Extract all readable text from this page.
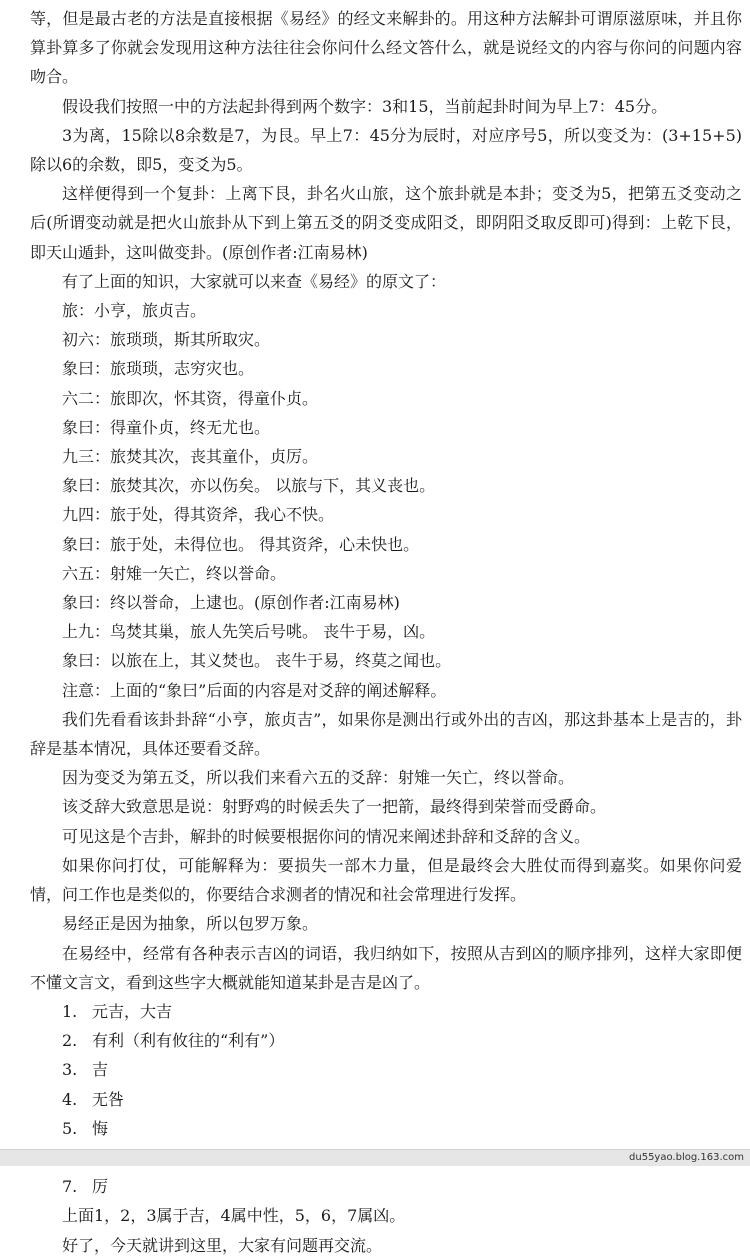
等，但是最古老的方法是直接根据《易经》的经文来解卦的。用这种方法解卦可谓原滋原味，并且你算卦算多了你就会发现用这种方法往往会你问什么经文答什么，就是说经文的内容与你问的问题内容吻合。

假设我们按照一中的方法起卦得到两个数字：3和15，当前起卦时间为早上7：45分。

3为离，15除以8余数是7，为艮。早上7：45分为辰时，对应序号5，所以变爻为：(3+15+5)除以6的余数，即5，变爻为5。

这样便得到一个复卦：上离下艮，卦名火山旅，这个旅卦就是本卦；变爻为5，把第五爻变动之后(所谓变动就是把火山旅卦从下到上第五爻的阴爻变成阳爻，即阴阳爻取反即可)得到：上乾下艮，即天山遁卦，这叫做变卦。(原创作者:江南易林)

有了上面的知识，大家就可以来查《易经》的原文了：

旅：小亨，旅贞吉。

初六：旅琐琐，斯其所取灾。

象曰：旅琐琐，志穷灾也。

六二：旅即次，怀其资，得童仆贞。

象曰：得童仆贞，终无尤也。

九三：旅焚其次，丧其童仆，贞厉。

象曰：旅焚其次，亦以伤矣。 以旅与下，其义丧也。

九四：旅于处，得其资斧，我心不快。

象曰：旅于处，未得位也。 得其资斧，心未快也。

六五：射雉一矢亡，终以誉命。

象曰：终以誉命，上逮也。(原创作者:江南易林)

上九：鸟焚其巢，旅人先笑后号咷。 丧牛于易，凶。

象曰：以旅在上，其义焚也。 丧牛于易，终莫之闻也。

注意：上面的“象曰”后面的内容是对爻辞的阐述解释。

我们先看看该卦卦辞“小亨，旅贞吉”，如果你是测出行或外出的吉凶，那这卦基本上是吉的，卦辞是基本情况，具体还要看爻辞。

因为变爻为第五爻，所以我们来看六五的爻辞：射雉一矢亡，终以誉命。

该爻辞大致意思是说：射野鸡的时候丢失了一把箭，最终得到荣誉而受爵命。

可见这是个吉卦，解卦的时候要根据你问的情况来阐述卦辞和爻辞的含义。

如果你问打仗，可能解释为：要损失一部木力量，但是最终会大胜仗而得到嘉奖。如果你问爱情，问工作也是类似的，你要结合求测者的情况和社会常理进行发挥。

易经正是因为抽象，所以包罗万象。

在易经中，经常有各种表示吉凶的词语，我归纳如下，按照从吉到凶的顺序排列，这样大家即便不懂文言文，看到这些字大概就能知道某卦是吉是凶了。

1. 元吉，大吉
2. 有利（利有攸往的“利有”）
3. 吉
4. 无咎
5. 悔
7. 厉

上面1，2，3属于吉，4属中性，5，6，7属凶。

好了，今天就讲到这里，大家有问题再交流。

du55yao.blog.163.com
